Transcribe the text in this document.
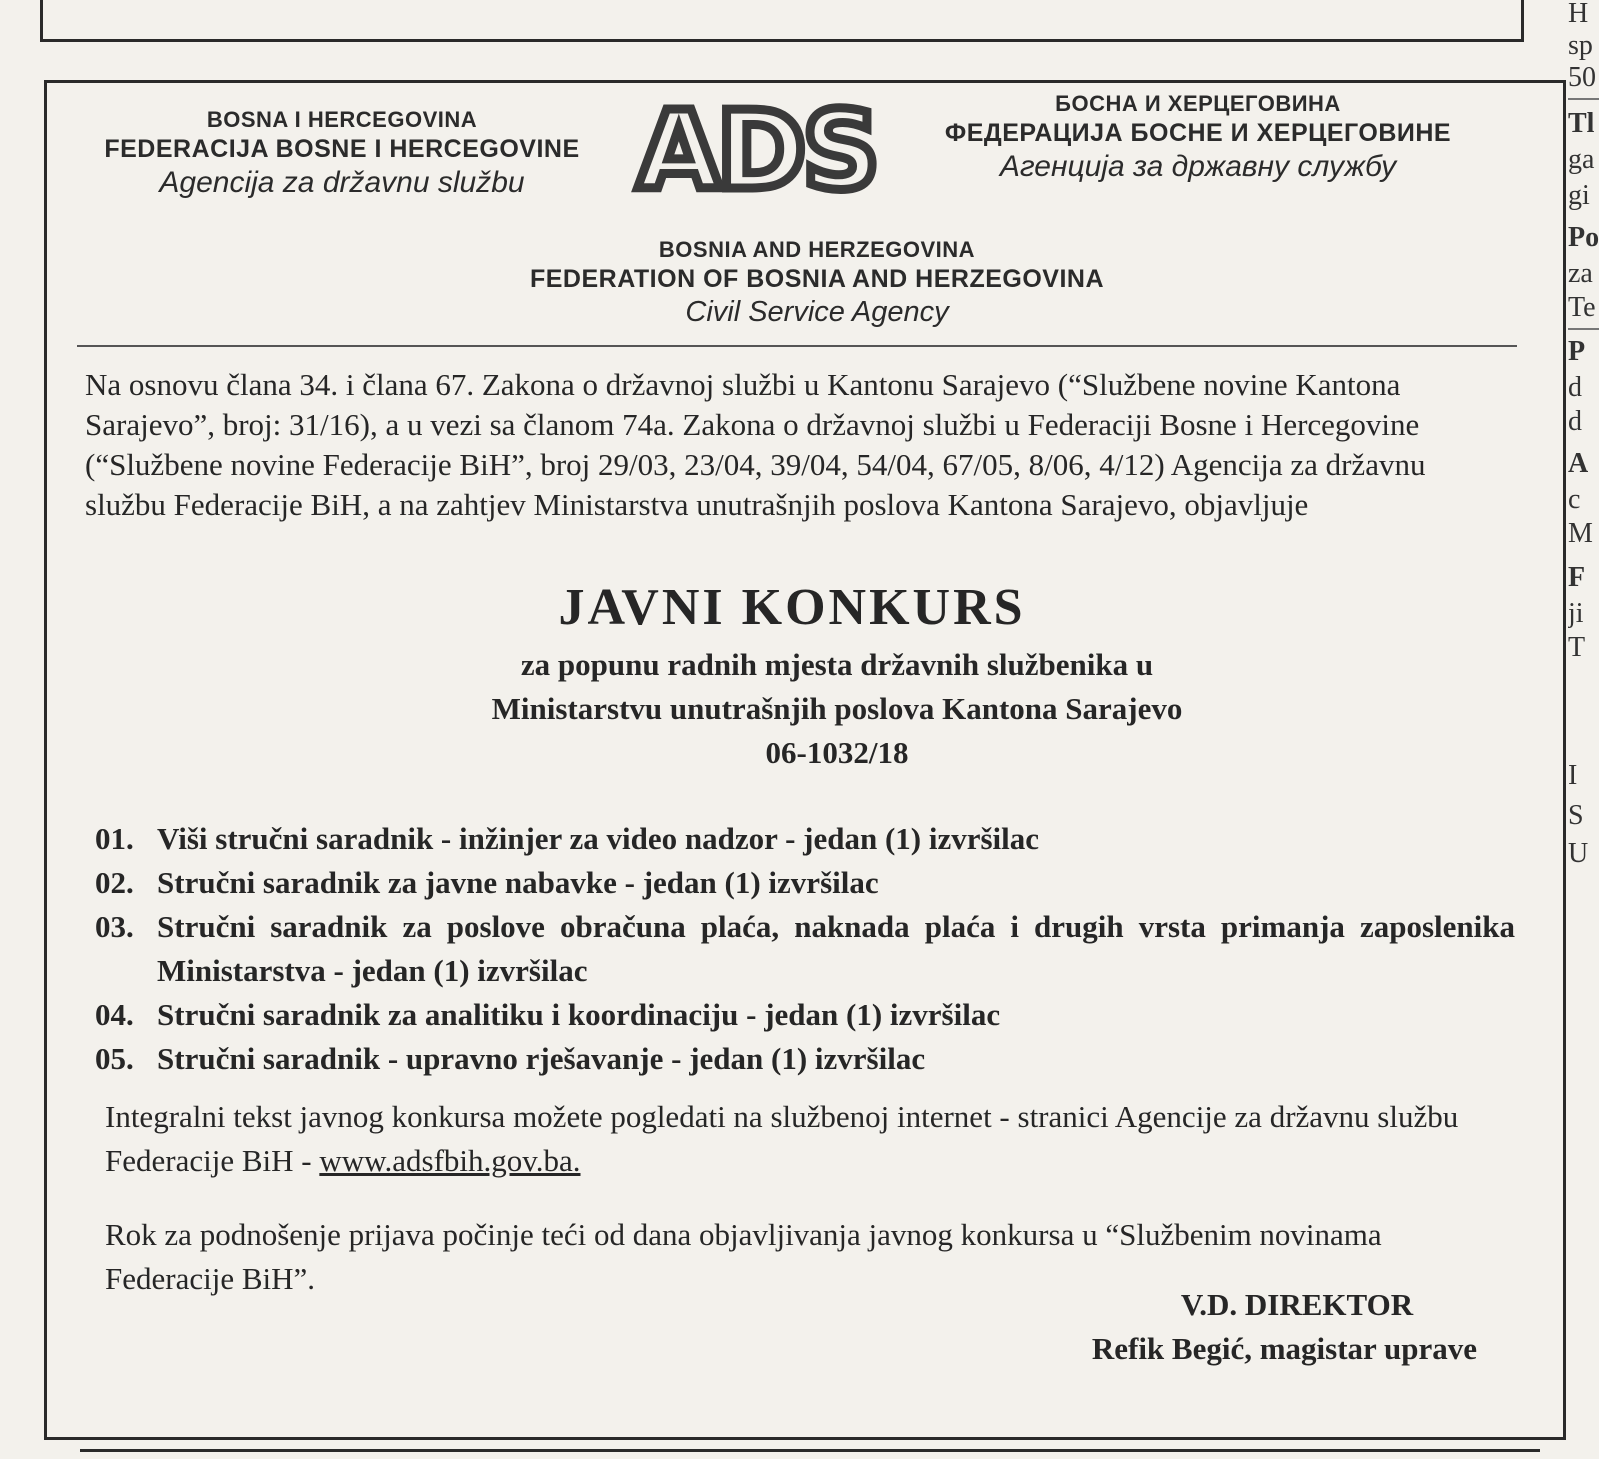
H
sp
50
Tl
ga
gi
Po
za
Te
P
d
d
A
c
M
F
ji
T
I
S
U
BOSNA I HERCEGOVINA
FEDERACIJA BOSNE I HERCEGOVINE
Agencija za državnu službu	ADS	БОСНА И ХЕРЦЕГОВИНА
ФЕДЕРАЦИЈА БОСНЕ И ХЕРЦЕГОВИНЕ
Агенција за државну службу
BOSNIA AND HERZEGOVINA
FEDERATION OF BOSNIA AND HERZEGOVINA
Civil Service Agency
Na osnovu člana 34. i člana 67. Zakona o državnoj službi u Kantonu Sarajevo (“Službene novine Kantona Sarajevo”, broj: 31/16), a u vezi sa članom 74a. Zakona o državnoj službi u Federaciji Bosne i Hercegovine (“Službene novine Federacije BiH”, broj 29/03, 23/04, 39/04, 54/04, 67/05, 8/06, 4/12) Agencija za državnu službu Federacije BiH, a na zahtjev Ministarstva unutrašnjih poslova Kantona Sarajevo, objavljuje
JAVNI KONKURS
za popunu radnih mjesta državnih službenika u
Ministarstvu unutrašnjih poslova Kantona Sarajevo
06-1032/18
01. Viši stručni saradnik - inžinjer za video nadzor - jedan (1) izvršilac
02. Stručni saradnik za javne nabavke - jedan (1) izvršilac
03. Stručni saradnik za poslove obračuna plaća, naknada plaća i drugih vrsta primanja zaposlenika Ministarstva - jedan (1) izvršilac
04. Stručni saradnik za analitiku i koordinaciju - jedan (1) izvršilac
05. Stručni saradnik - upravno rješavanje - jedan (1) izvršilac
Integralni tekst javnog konkursa možete pogledati na službenoj internet - stranici Agencije za državnu službu Federacije BiH - www.adsfbih.gov.ba.
Rok za podnošenje prijava počinje teći od dana objavljivanja javnog konkursa u “Službenim novinama Federacije BiH”.
V.D. DIREKTOR
Refik Begić, magistar uprave
